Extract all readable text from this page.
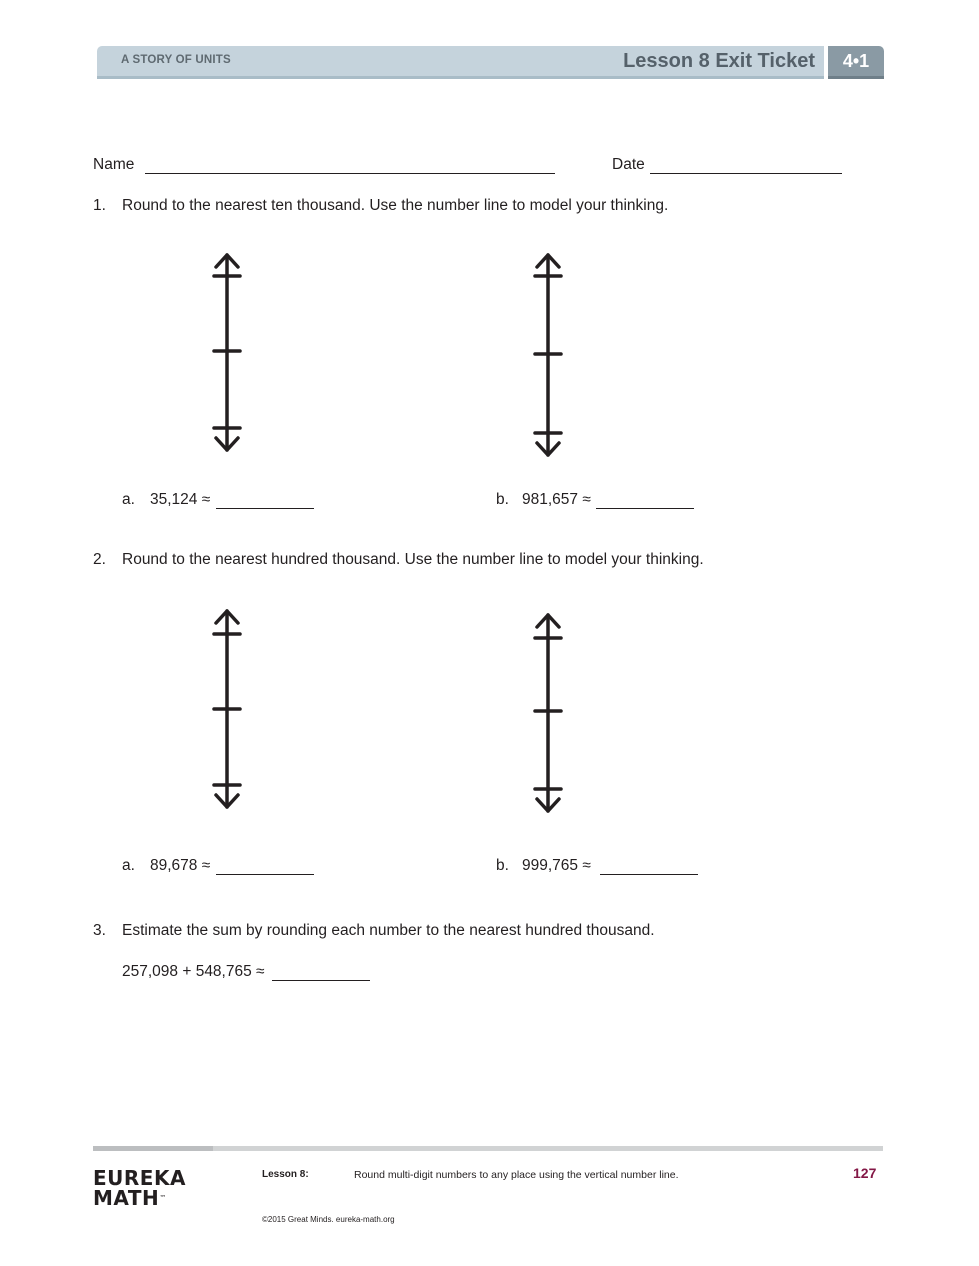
A STORY OF UNITS	Lesson 8 Exit Ticket	4•1
Name	Date
1. Round to the nearest ten thousand. Use the number line to model your thinking.
a. 35,124 ≈	b. 981,657 ≈
2. Round to the nearest hundred thousand. Use the number line to model your thinking.
a. 89,678 ≈	b. 999,765 ≈
3. Estimate the sum by rounding each number to the nearest hundred thousand.
257,098 + 548,765 ≈
EUREKA
MATH™
Lesson 8:	Round multi-digit numbers to any place using the vertical number line.
©2015 Great Minds. eureka-math.org
127
